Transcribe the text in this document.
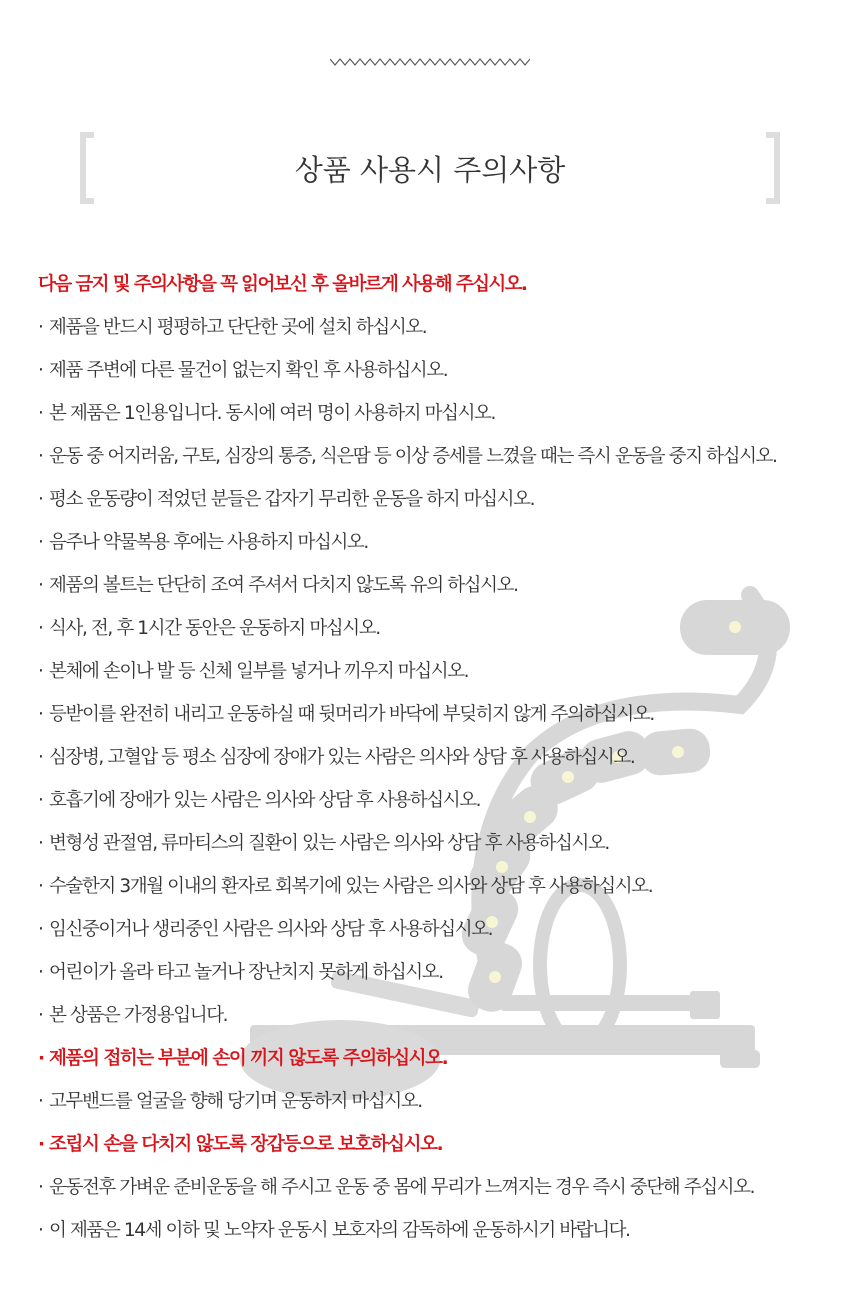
상품 사용시 주의사항
다음 금지 및 주의사항을 꼭 읽어보신 후 올바르게 사용해 주십시오.
· 제품을 반드시 평평하고 단단한 곳에 설치 하십시오.
· 제품 주변에 다른 물건이 없는지 확인 후 사용하십시오.
· 본 제품은 1인용입니다. 동시에 여러 명이 사용하지 마십시오.
· 운동 중 어지러움, 구토, 심장의 통증, 식은땀 등 이상 증세를 느꼈을 때는 즉시 운동을 중지 하십시오.
· 평소 운동량이 적었던 분들은 갑자기 무리한 운동을 하지 마십시오.
· 음주나 약물복용 후에는 사용하지 마십시오.
· 제품의 볼트는 단단히 조여 주셔서 다치지 않도록 유의 하십시오.
· 식사, 전, 후 1시간 동안은 운동하지 마십시오.
· 본체에 손이나 발 등 신체 일부를 넣거나 끼우지 마십시오.
· 등받이를 완전히 내리고 운동하실 때 뒷머리가 바닥에 부딪히지 않게 주의하십시오.
· 심장병, 고혈압 등 평소 심장에 장애가 있는 사람은 의사와 상담 후 사용하십시오.
· 호흡기에 장애가 있는 사람은 의사와 상담 후 사용하십시오.
· 변형성 관절염, 류마티스의 질환이 있는 사람은 의사와 상담 후 사용하십시오.
· 수술한지 3개월 이내의 환자로 회복기에 있는 사람은 의사와 상담 후 사용하십시오.
· 임신중이거나 생리중인 사람은 의사와 상담 후 사용하십시오.
· 어린이가 올라 타고 놀거나 장난치지 못하게 하십시오.
· 본 상품은 가정용입니다.
· 제품의 접히는 부분에 손이 끼지 않도록 주의하십시오.
· 고무밴드를 얼굴을 향해 당기며 운동하지 마십시오.
· 조립시 손을 다치지 않도록 장갑등으로 보호하십시오.
· 운동전후 가벼운 준비운동을 해 주시고 운동 중 몸에 무리가 느껴지는 경우 즉시 중단해 주십시오.
· 이 제품은 14세 이하 및 노약자 운동시 보호자의 감독하에 운동하시기 바랍니다.
